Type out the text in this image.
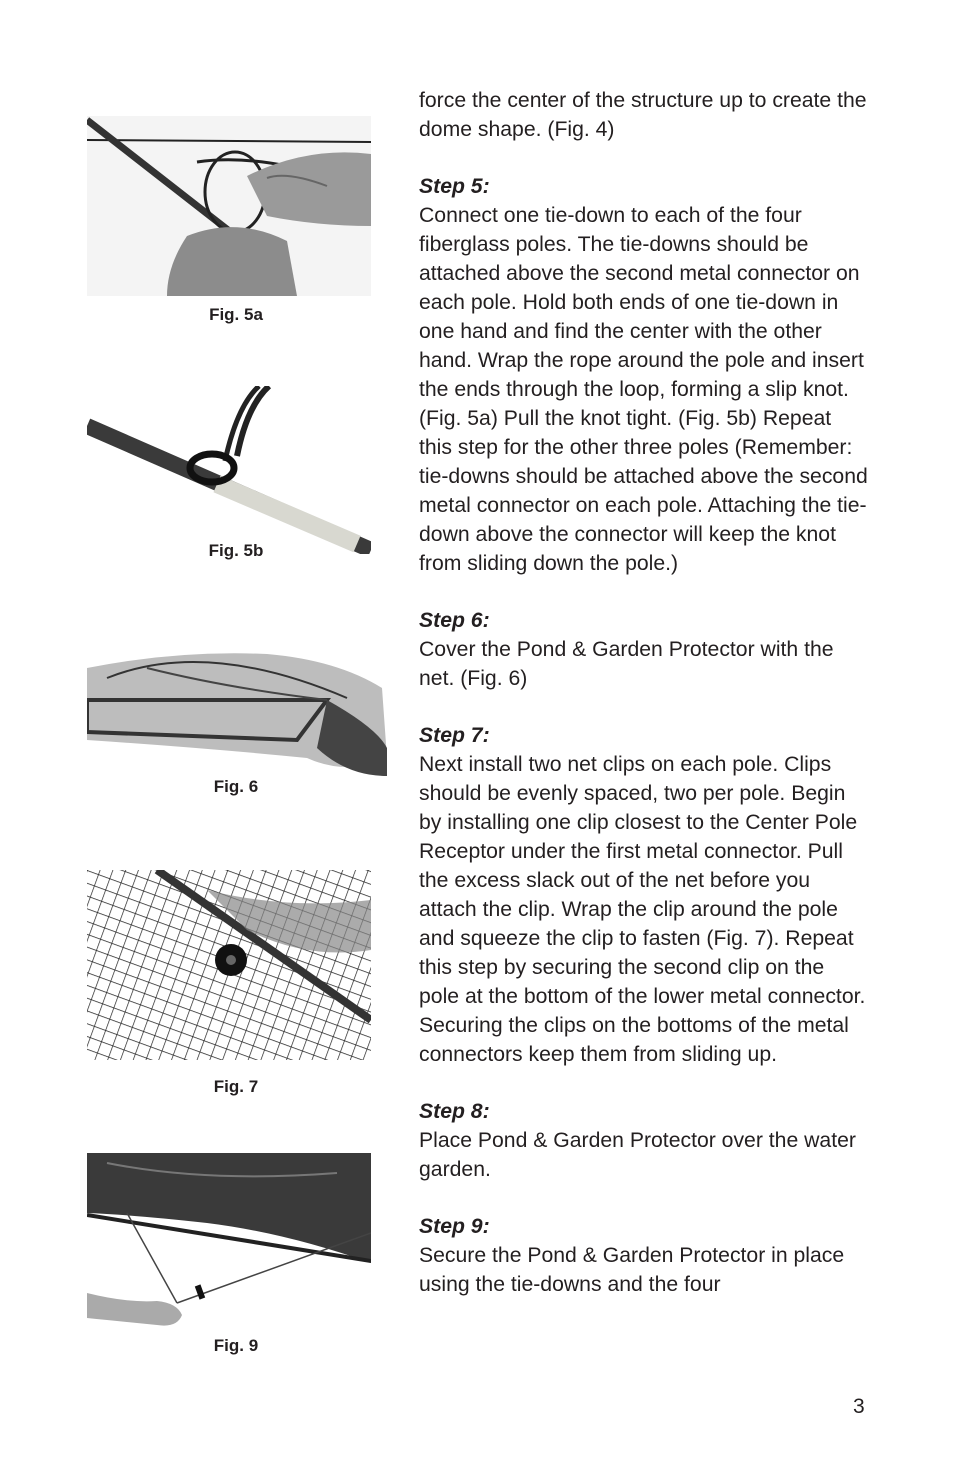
Fig. 5a
Fig. 5b
Fig. 6
Fig. 7
Fig. 9

force the center of the structure up to create the dome shape. (Fig. 4)

Step 5:
Connect one tie-down to each of the four fiberglass poles. The tie-downs should be attached above the second metal connector on each pole. Hold both ends of one tie-down in one hand and find the center with the other hand. Wrap the rope around the pole and insert the ends through the loop, forming a slip knot. (Fig. 5a) Pull the knot tight. (Fig. 5b) Repeat this step for the other three poles (Remember: tie-downs should be attached above the second metal connector on each pole. Attaching the tie-down above the connector will keep the knot from sliding down the pole.)

Step 6:
Cover the Pond & Garden Protector with the net. (Fig. 6)

Step 7:
Next install two net clips on each pole. Clips should be evenly spaced, two per pole. Begin by installing one clip closest to the Center Pole Receptor under the first metal connector. Pull the excess slack out of the net before you attach the clip. Wrap the clip around the pole and squeeze the clip to fasten (Fig. 7). Repeat this step by securing the second clip on the pole at the bottom of the lower metal connector. Securing the clips on the bottoms of the metal connectors keep them from sliding up.

Step 8:
Place Pond & Garden Protector over the water garden.

Step 9:
Secure the Pond & Garden Protector in place using the tie-downs and the four

3
